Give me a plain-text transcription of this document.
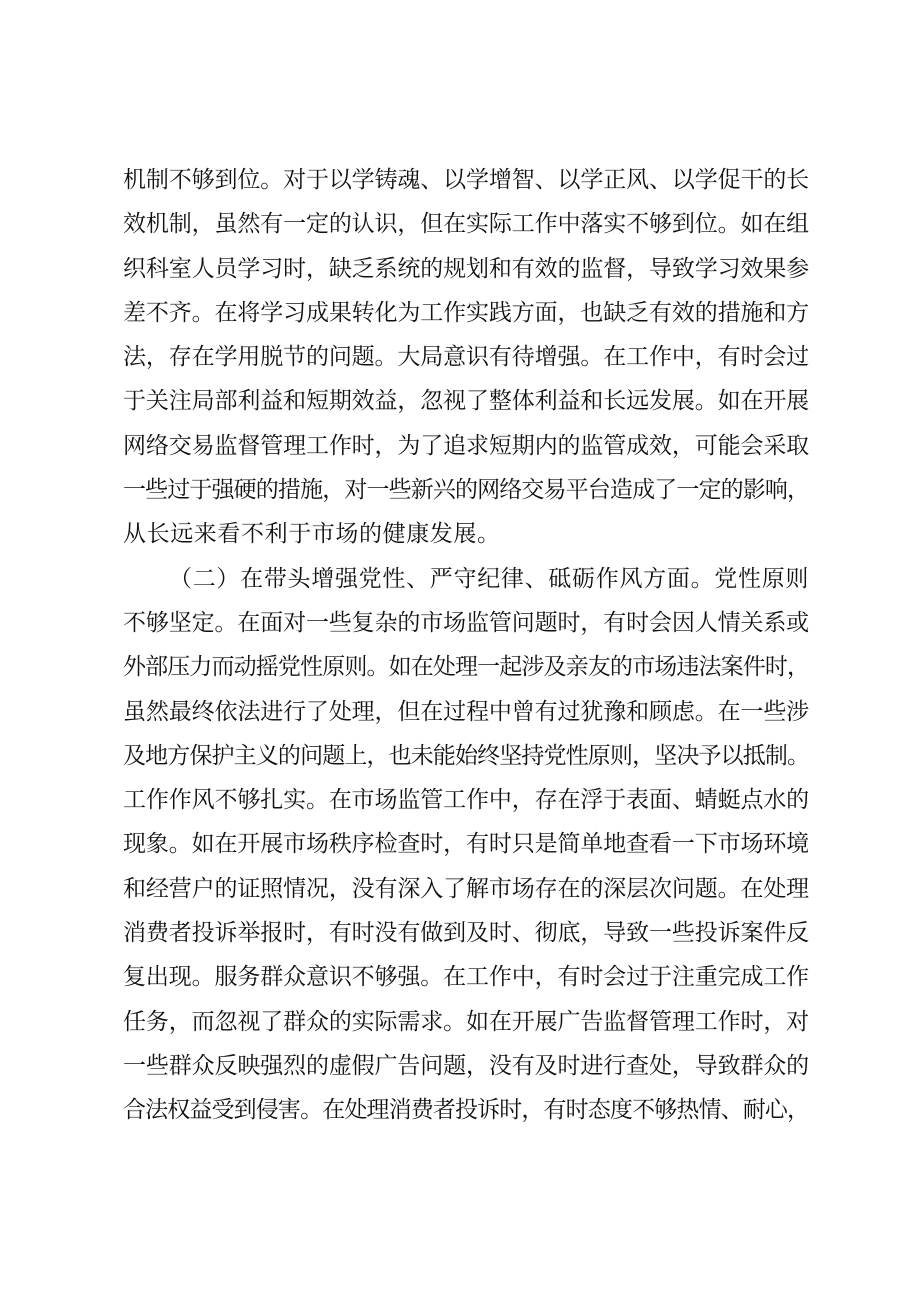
机制不够到位。对于以学铸魂、以学增智、以学正风、以学促干的长
效机制，虽然有一定的认识，但在实际工作中落实不够到位。如在组
织科室人员学习时，缺乏系统的规划和有效的监督，导致学习效果参
差不齐。在将学习成果转化为工作实践方面，也缺乏有效的措施和方
法，存在学用脱节的问题。大局意识有待增强。在工作中，有时会过
于关注局部利益和短期效益，忽视了整体利益和长远发展。如在开展
网络交易监督管理工作时，为了追求短期内的监管成效，可能会采取
一些过于强硬的措施，对一些新兴的网络交易平台造成了一定的影响，
从长远来看不利于市场的健康发展。
（二）在带头增强党性、严守纪律、砥砺作风方面。党性原则
不够坚定。在面对一些复杂的市场监管问题时，有时会因人情关系或
外部压力而动摇党性原则。如在处理一起涉及亲友的市场违法案件时，
虽然最终依法进行了处理，但在过程中曾有过犹豫和顾虑。在一些涉
及地方保护主义的问题上，也未能始终坚持党性原则，坚决予以抵制。
工作作风不够扎实。在市场监管工作中，存在浮于表面、蜻蜓点水的
现象。如在开展市场秩序检查时，有时只是简单地查看一下市场环境
和经营户的证照情况，没有深入了解市场存在的深层次问题。在处理
消费者投诉举报时，有时没有做到及时、彻底，导致一些投诉案件反
复出现。服务群众意识不够强。在工作中，有时会过于注重完成工作
任务，而忽视了群众的实际需求。如在开展广告监督管理工作时，对
一些群众反映强烈的虚假广告问题，没有及时进行查处，导致群众的
合法权益受到侵害。在处理消费者投诉时，有时态度不够热情、耐心，
